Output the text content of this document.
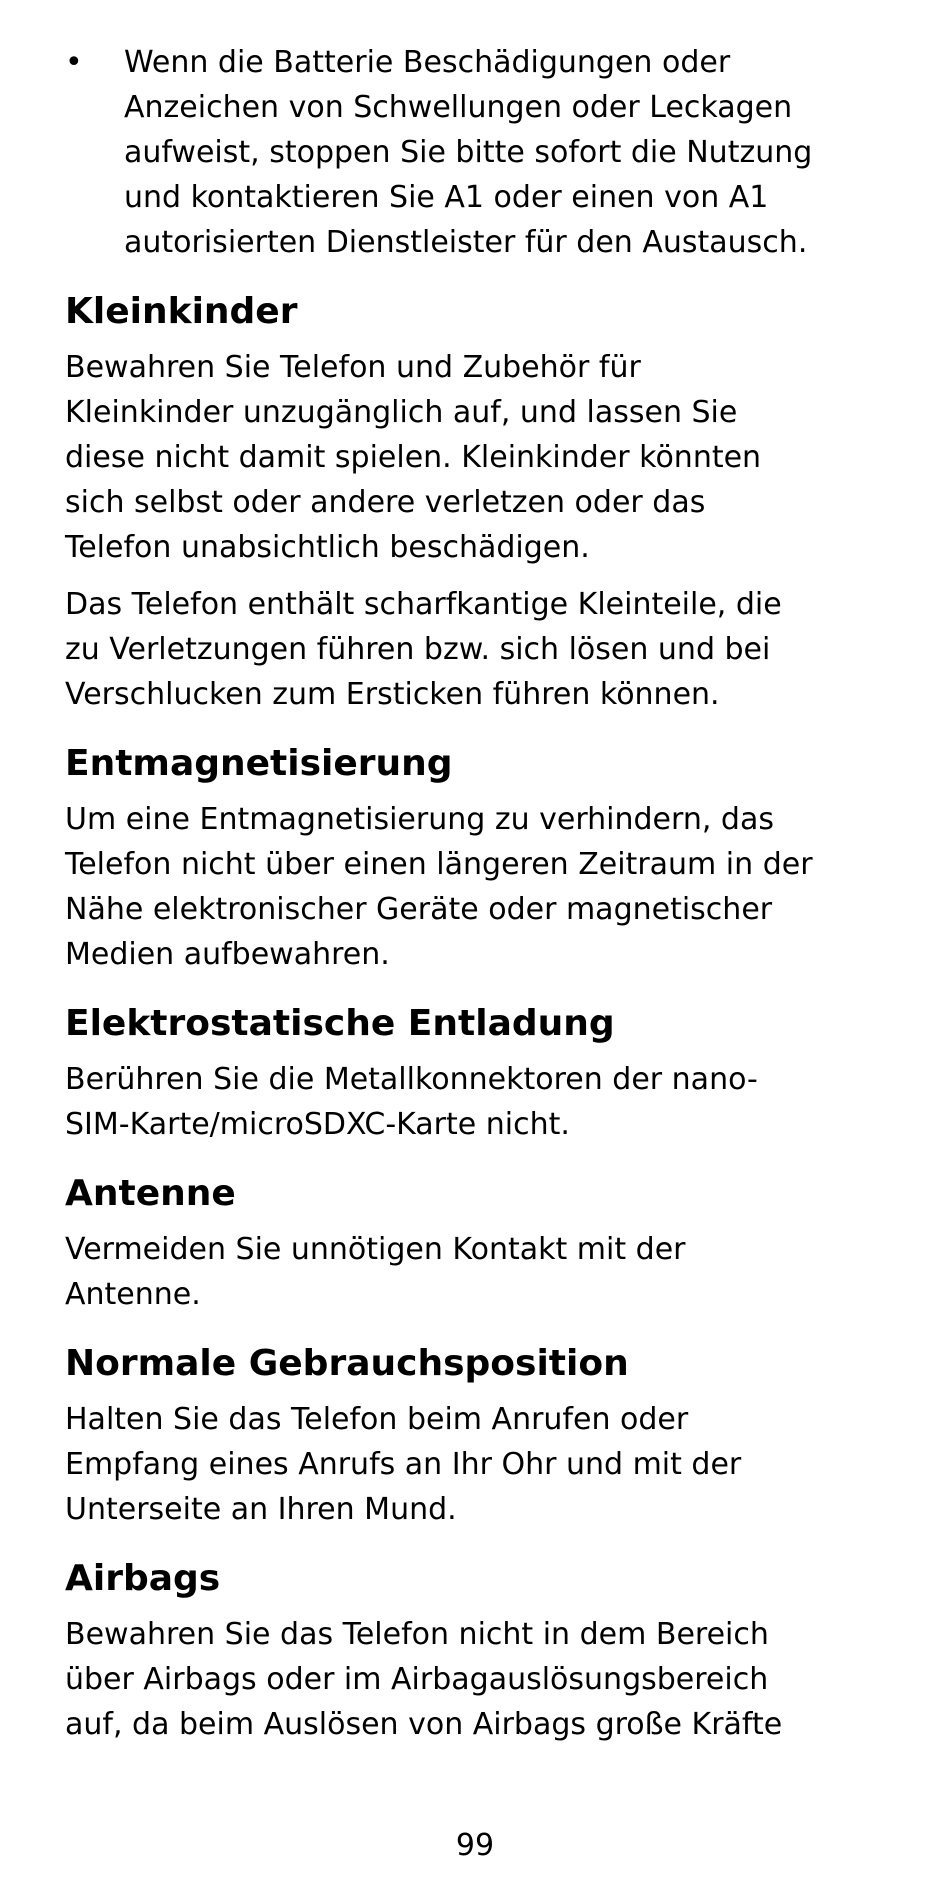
• Wenn die Batterie Beschädigungen oder
Anzeichen von Schwellungen oder Leckagen
aufweist, stoppen Sie bitte sofort die Nutzung
und kontaktieren Sie A1 oder einen von A1
autorisierten Dienstleister für den Austausch.
Kleinkinder

Bewahren Sie Telefon und Zubehör für
Kleinkinder unzugänglich auf, und lassen Sie
diese nicht damit spielen. Kleinkinder könnten
sich selbst oder andere verletzen oder das
Telefon unabsichtlich beschädigen.

Das Telefon enthält scharfkantige Kleinteile, die
zu Verletzungen führen bzw. sich lösen und bei
Verschlucken zum Ersticken führen können.

Entmagnetisierung

Um eine Entmagnetisierung zu verhindern, das
Telefon nicht über einen längeren Zeitraum in der
Nähe elektronischer Geräte oder magnetischer
Medien aufbewahren.

Elektrostatische Entladung

Berühren Sie die Metallkonnektoren der nano-
SIM-Karte/microSDXC-Karte nicht.

Antenne

Vermeiden Sie unnötigen Kontakt mit der
Antenne.

Normale Gebrauchsposition

Halten Sie das Telefon beim Anrufen oder
Empfang eines Anrufs an Ihr Ohr und mit der
Unterseite an Ihren Mund.

Airbags

Bewahren Sie das Telefon nicht in dem Bereich
über Airbags oder im Airbagauslösungsbereich
auf, da beim Auslösen von Airbags große Kräfte

99
